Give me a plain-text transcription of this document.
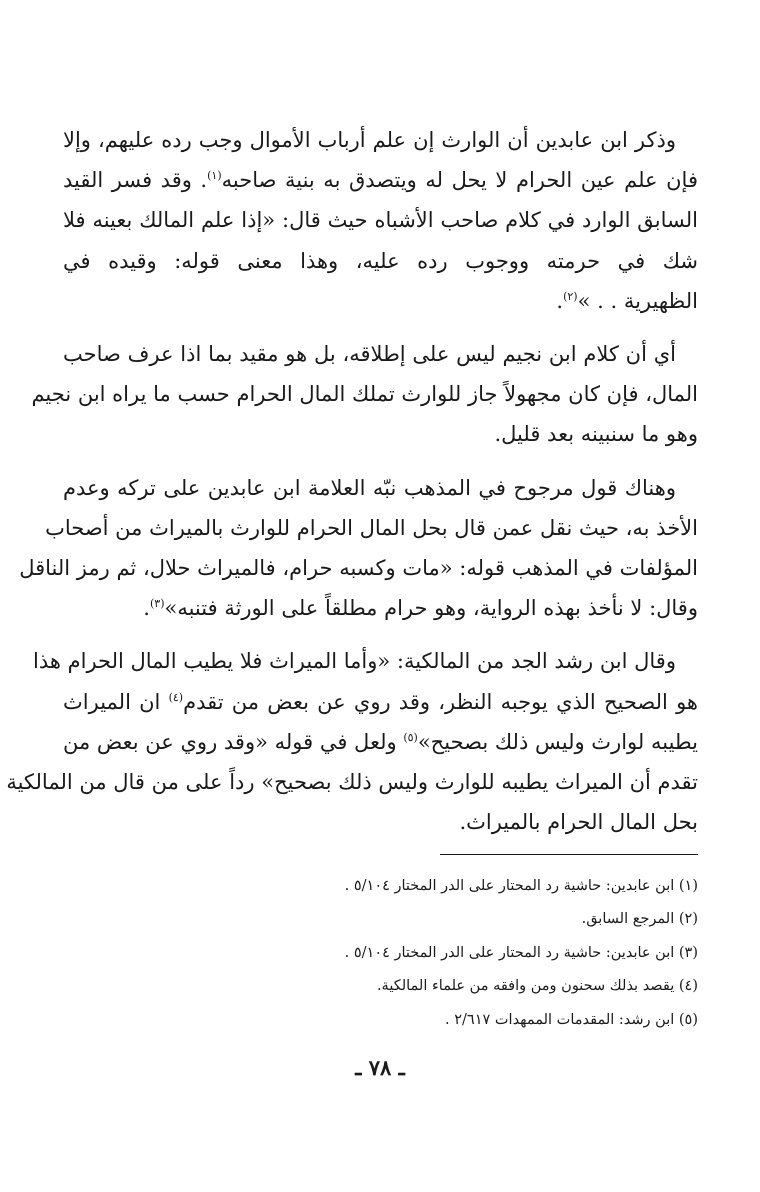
وذكر ابن عابدين أن الوارث إن علم أرباب الأموال وجب رده عليهم، وإلا
فإن علم عين الحرام لا يحل له ويتصدق به بنية صاحبه$^{(١)}$. وقد فسر القيد
السابق الوارد في كلام صاحب الأشباه حيث قال: «إذا علم المالك بعينه فلا
شك في حرمته ووجوب رده عليه، وهذا معنى قوله: وقيده في
الظهيرية . . »$^{(٢)}$.

أي أن كلام ابن نجيم ليس على إطلاقه، بل هو مقيد بما اذا عرف صاحب
المال، فإن كان مجهولاً جاز للوارث تملك المال الحرام حسب ما يراه ابن نجيم
وهو ما سنبينه بعد قليل.

وهناك قول مرجوح في المذهب نبّه العلامة ابن عابدين على تركه وعدم
الأخذ به، حيث نقل عمن قال بحل المال الحرام للوارث بالميراث من أصحاب
المؤلفات في المذهب قوله: «مات وكسبه حرام، فالميراث حلال، ثم رمز الناقل
وقال: لا نأخذ بهذه الرواية، وهو حرام مطلقاً على الورثة فتنبه»$^{(٣)}$.

وقال ابن رشد الجد من المالكية: «وأما الميراث فلا يطيب المال الحرام هذا
هو الصحيح الذي يوجبه النظر، وقد روي عن بعض من تقدم$^{(٤)}$ ان الميراث
يطيبه لوارث وليس ذلك بصحيح»$^{(٥)}$ ولعل في قوله «وقد روي عن بعض من
تقدم أن الميراث يطيبه للوارث وليس ذلك بصحيح» رداً على من قال من المالكية
بحل المال الحرام بالميراث.

(١) ابن عابدين: حاشية رد المحتار على الدر المختار ٥/١٠٤ .
(٢) المرجع السابق.
(٣) ابن عابدين: حاشية رد المحتار على الدر المختار ٥/١٠٤ .
(٤) يقصد بذلك سحنون ومن وافقه من علماء المالكية.
(٥) ابن رشد: المقدمات الممهدات ٢/٦١٧ .
ـ ٧٨ ـ
